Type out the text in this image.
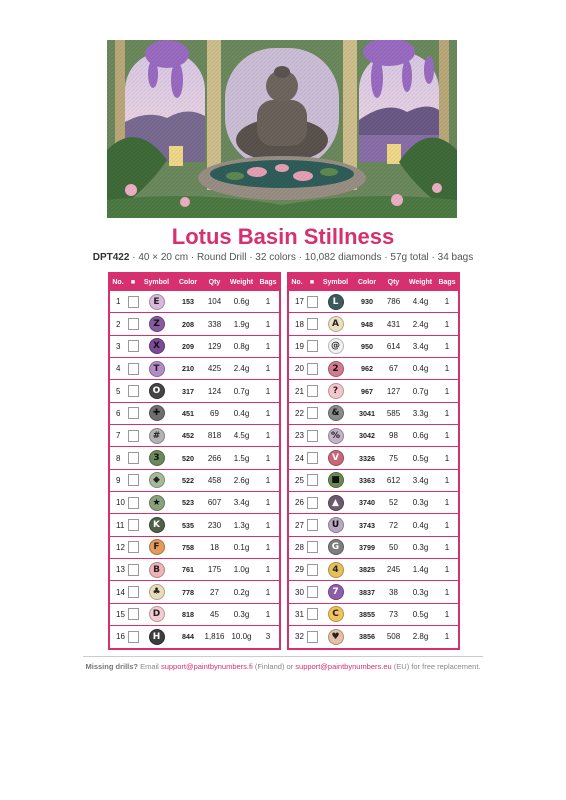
Lotus Basin Stillness
DPT422 · 40 × 20 cm · Round Drill · 32 colors · 10,082 diamonds · 57g total · 34 bags
No.	■	Symbol	Color	Qty	Weight	Bags
1		E	153	104	0.6g	1
2		Z	208	338	1.9g	1
3		X	209	129	0.8g	1
4		T	210	425	2.4g	1
5		O	317	124	0.7g	1
6		✚	451	69	0.4g	1
7		#	452	818	4.5g	1
8		3	520	266	1.5g	1
9		◆	522	458	2.6g	1
10		★	523	607	3.4g	1
11		K	535	230	1.3g	1
12		F	758	18	0.1g	1
13		B	761	175	1.0g	1
14		♣	778	27	0.2g	1
15		D	818	45	0.3g	1
16		H	844	1,816	10.0g	3
No.	■	Symbol	Color	Qty	Weight	Bags
17		L	930	786	4.4g	1
18		A	948	431	2.4g	1
19		@	950	614	3.4g	1
20		2	962	67	0.4g	1
21		?	967	127	0.7g	1
22		&	3041	585	3.3g	1
23		%	3042	98	0.6g	1
24		V	3326	75	0.5g	1
25		■	3363	612	3.4g	1
26		▲	3740	52	0.3g	1
27		U	3743	72	0.4g	1
28		G	3799	50	0.3g	1
29		4	3825	245	1.4g	1
30		7	3837	38	0.3g	1
31		C	3855	73	0.5g	1
32		♥	3856	508	2.8g	1
Missing drills? Email support@paintbynumbers.fi (Finland) or support@paintbynumbers.eu (EU) for free replacement.
